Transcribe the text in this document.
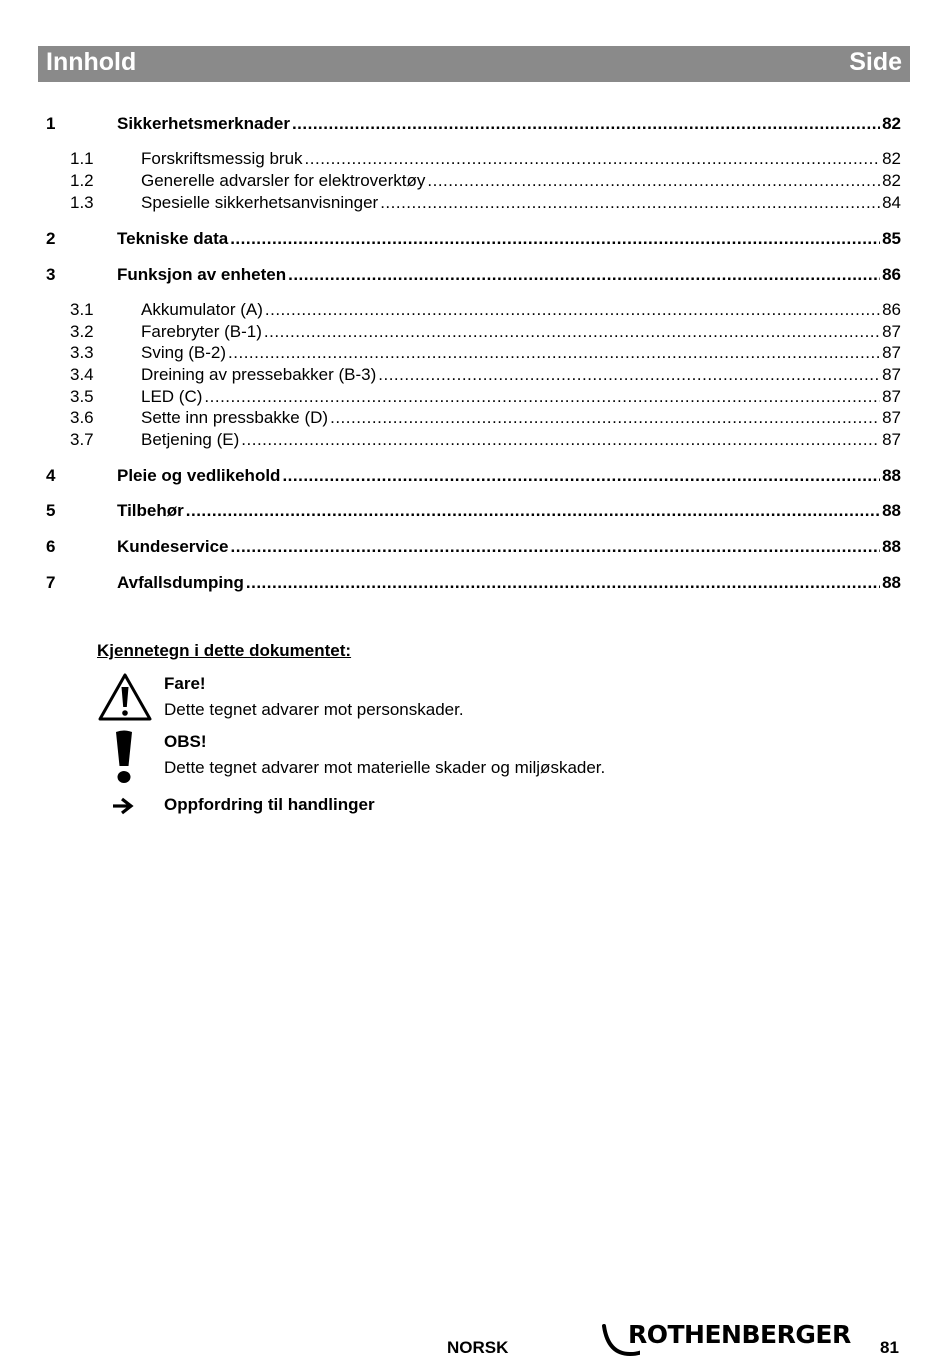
Innhold	Side
1	Sikkerhetsmerknader .....	82
1.1	Forskriftsmessig bruk .....	82
1.2	Generelle advarsler for elektroverktøy .....	82
1.3	Spesielle sikkerhetsanvisninger .....	84
2	Tekniske data .....	85
3	Funksjon av enheten .....	86
3.1	Akkumulator (A) .....	86
3.2	Farebryter (B-1) .....	87
3.3	Sving (B-2) .....	87
3.4	Dreining av pressebakker (B-3) .....	87
3.5	LED (C) .....	87
3.6	Sette inn pressbakke (D) .....	87
3.7	Betjening (E) .....	87
4	Pleie og vedlikehold .....	88
5	Tilbehør .....	88
6	Kundeservice .....	88
7	Avfallsdumping .....	88
Kjennetegn i dette dokumentet:
Fare!
Dette tegnet advarer mot personskader.
OBS!
Dette tegnet advarer mot materielle skader og miljøskader.
Oppfordring til handlinger
NORSK	ROTHENBERGER 81
